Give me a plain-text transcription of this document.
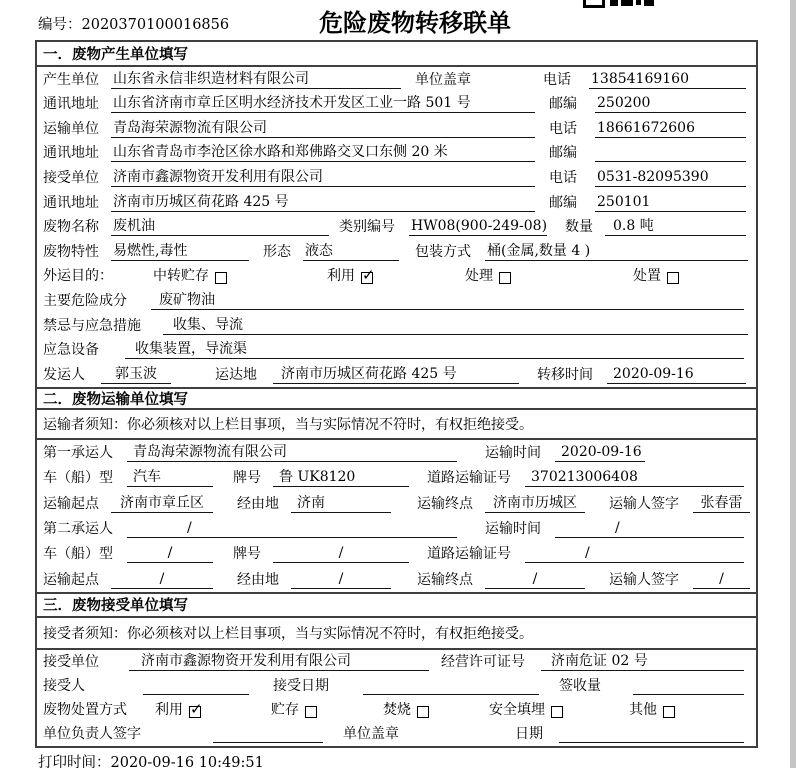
编号：2020370100016856	危险废物转移联单
一．废物产生单位填写
产生单位 山东省永信非织造材料有限公司	单位盖章	电话	13854169160
通讯地址 山东省济南市章丘区明水经济技术开发区工业一路 501 号	邮编	250200
运输单位 青岛海荣源物流有限公司	电话	18661672606
通讯地址 山东省青岛市李沧区徐水路和郑佛路交叉口东侧 20 米	邮编
接受单位 济南市鑫源物资开发利用有限公司	电话	0531-82095390
通讯地址 济南市历城区荷花路 425 号	邮编	250101
废物名称 废机油	类别编号	HW08(900-249-08) 数量	0.8 吨
废物特性 易燃性,毒性	形态 液态	包装方式	桶(金属,数量 4 )
外运目的：	中转贮存	利用 ✓	处理	处置
主要危险成分	废矿物油
禁忌与应急措施	收集、导流
应急设备	收集装置，导流渠
发运人	郭玉波	运达地	济南市历城区荷花路 425 号	转移时间	2020-09-16
二．废物运输单位填写
运输者须知：你必须核对以上栏目事项，当与实际情况不符时，有权拒绝接受。
第一承运人	青岛海荣源物流有限公司	运输时间	2020-09-16
车（船）型	汽车	牌号	鲁 UK8120	道路运输证号	370213006408
运输起点	济南市章丘区	经由地	济南	运输终点	济南市历城区	运输人签字	张春雷
第二承运人	/	运输时间	/
车（船）型	/	牌号	/	道路运输证号	/
运输起点	/	经由地	/	运输终点	/	运输人签字	/
三．废物接受单位填写
接受者须知：你必须核对以上栏目事项，当与实际情况不符时，有权拒绝接受。
接受单位	济南市鑫源物资开发利用有限公司	经营许可证号	济南危证 02 号
接受人	接受日期	签收量
废物处置方式 利用 ✓	贮存	焚烧	安全填埋	其他
单位负责人签字	单位盖章	日期
打印时间：2020-09-16 10:49:51
